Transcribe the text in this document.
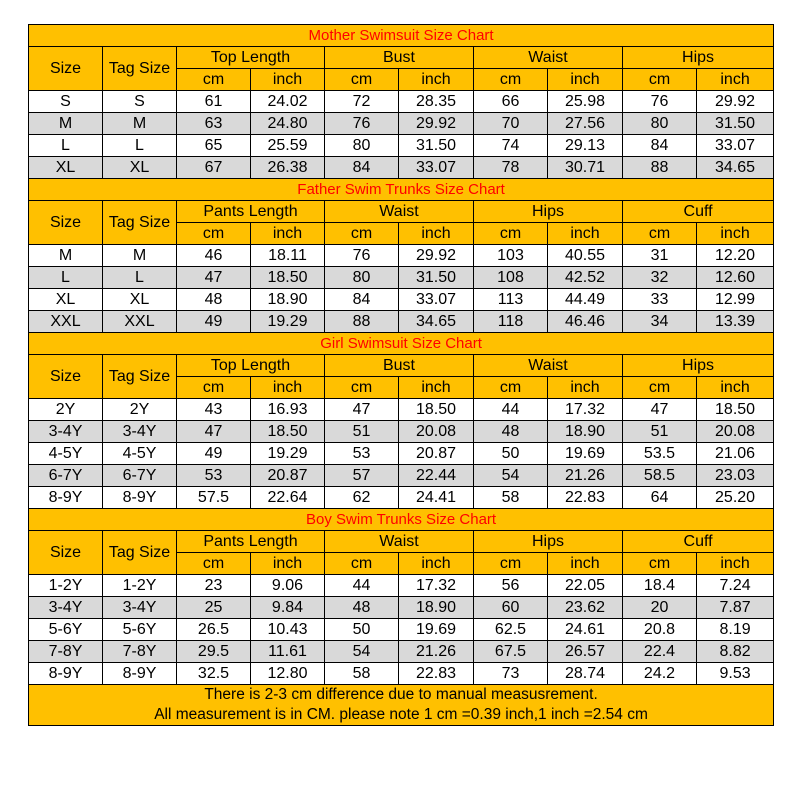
Mother Swimsuit Size Chart									
Size	Tag Size	Top Length		Bust		Waist		Hips	
		cm	inch	cm	inch	cm	inch	cm	inch
S	S	61	24.02	72	28.35	66	25.98	76	29.92
M	M	63	24.80	76	29.92	70	27.56	80	31.50
L	L	65	25.59	80	31.50	74	29.13	84	33.07
XL	XL	67	26.38	84	33.07	78	30.71	88	34.65
Father Swim Trunks Size Chart									
Size	Tag Size	Pants Length		Waist		Hips		Cuff	
		cm	inch	cm	inch	cm	inch	cm	inch
M	M	46	18.11	76	29.92	103	40.55	31	12.20
L	L	47	18.50	80	31.50	108	42.52	32	12.60
XL	XL	48	18.90	84	33.07	113	44.49	33	12.99
XXL	XXL	49	19.29	88	34.65	118	46.46	34	13.39
Girl Swimsuit Size Chart									
Size	Tag Size	Top Length		Bust		Waist		Hips	
		cm	inch	cm	inch	cm	inch	cm	inch
2Y	2Y	43	16.93	47	18.50	44	17.32	47	18.50
3-4Y	3-4Y	47	18.50	51	20.08	48	18.90	51	20.08
4-5Y	4-5Y	49	19.29	53	20.87	50	19.69	53.5	21.06
6-7Y	6-7Y	53	20.87	57	22.44	54	21.26	58.5	23.03
8-9Y	8-9Y	57.5	22.64	62	24.41	58	22.83	64	25.20
Boy Swim Trunks Size Chart									
Size	Tag Size	Pants Length		Waist		Hips		Cuff	
		cm	inch	cm	inch	cm	inch	cm	inch
1-2Y	1-2Y	23	9.06	44	17.32	56	22.05	18.4	7.24
3-4Y	3-4Y	25	9.84	48	18.90	60	23.62	20	7.87
5-6Y	5-6Y	26.5	10.43	50	19.69	62.5	24.61	20.8	8.19
7-8Y	7-8Y	29.5	11.61	54	21.26	67.5	26.57	22.4	8.82
8-9Y	8-9Y	32.5	12.80	58	22.83	73	28.74	24.2	9.53

There is 2-3 cm difference due to manual measusrement.
All measurement is in CM. please note 1 cm =0.39 inch,1 inch =2.54 cm									
